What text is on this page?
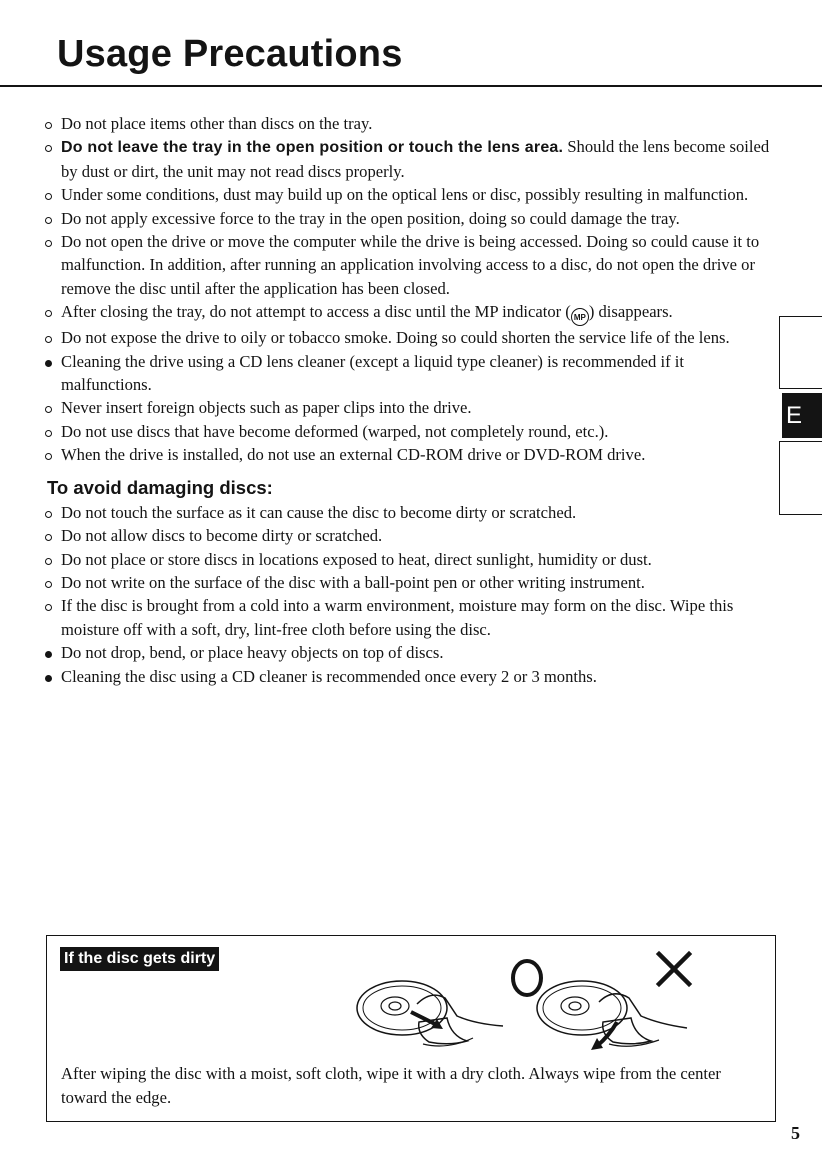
Usage Precautions
Do not place items other than discs on the tray.
Do not leave the tray in the open position or touch the lens area. Should the lens become soiled by dust or dirt, the unit may not read discs properly.
Under some conditions, dust may build up on the optical lens or disc, possibly resulting in malfunction.
Do not apply excessive force to the tray in the open position, doing so could damage the tray.
Do not open the drive or move the computer while the drive is being accessed. Doing so could cause it to malfunction. In addition, after running an application involving access to a disc, do not open the drive or remove the disc until after the application has been closed.
After closing the tray, do not attempt to access a disc until the MP indicator ( MP ) disappears.
Do not expose the drive to oily or tobacco smoke. Doing so could shorten the service life of the lens.
Cleaning the drive using a CD lens cleaner (except a liquid type cleaner) is recommended if it malfunctions.
Never insert foreign objects such as paper clips into the drive.
Do not use discs that have become deformed (warped, not completely round, etc.).
When the drive is installed, do not use an external CD-ROM drive or DVD-ROM drive.
To avoid damaging discs:
Do not touch the surface as it can cause the disc to become dirty or scratched.
Do not allow discs to become dirty or scratched.
Do not place or store discs in locations exposed to heat, direct sunlight, humidity or dust.
Do not write on the surface of the disc with a ball-point pen or other writing instrument.
If the disc is brought from a cold into a warm environment, moisture may form on the disc. Wipe this moisture off with a soft, dry, lint-free cloth before using the disc.
Do not drop, bend, or place heavy objects on top of discs.
Cleaning the disc using a CD cleaner is recommended once every 2 or 3 months.
E
If the disc gets dirty
After wiping the disc with a moist, soft cloth, wipe it with a dry cloth. Always wipe from the center toward the edge.
5
